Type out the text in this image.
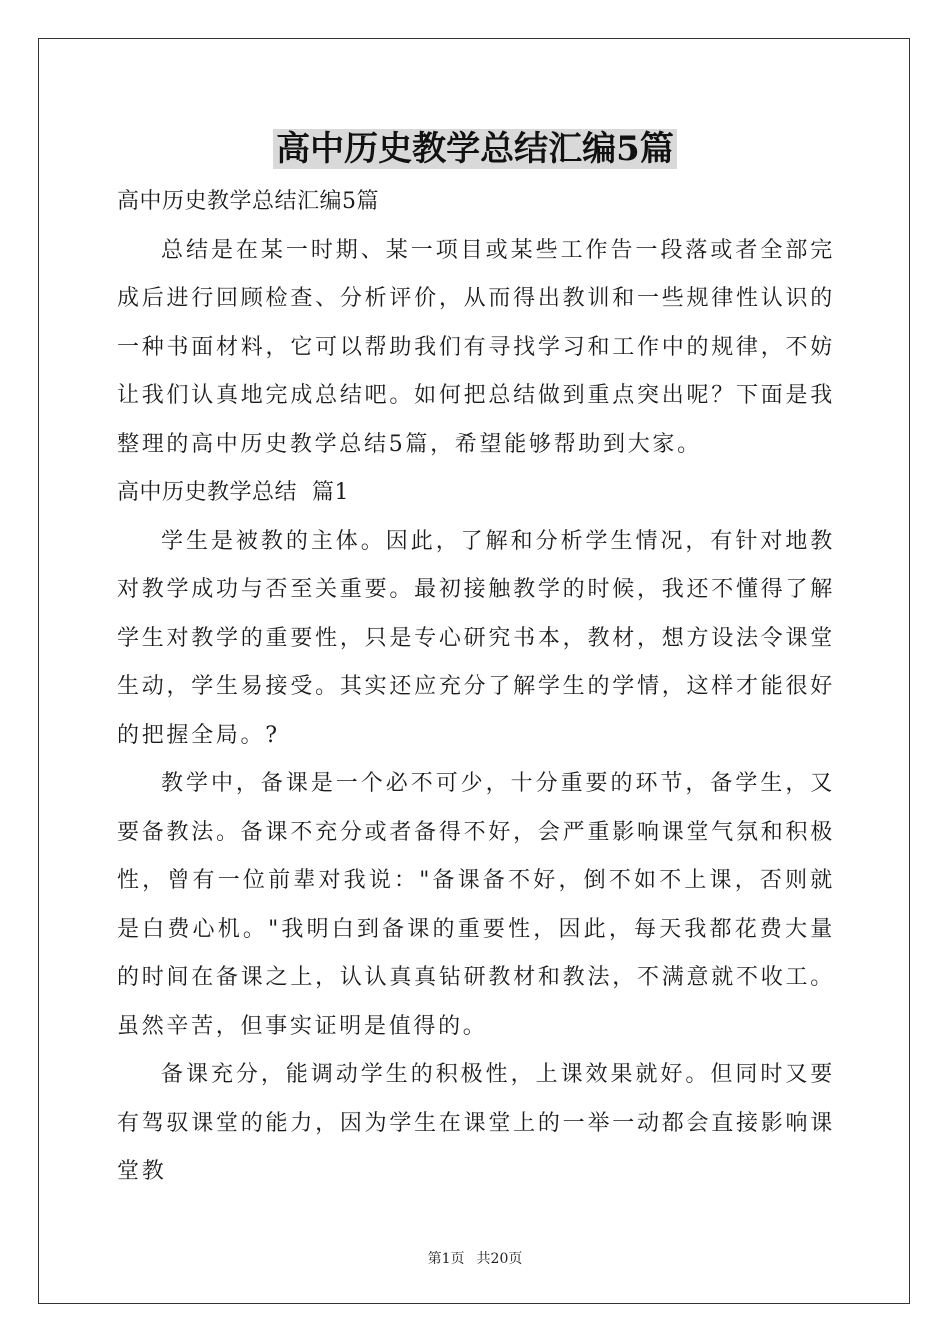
高中历史教学总结汇编5篇

高中历史教学总结汇编5篇

总结是在某一时期、某一项目或某些工作告一段落或者全部完成后进行回顾检查、分析评价，从而得出教训和一些规律性认识的一种书面材料，它可以帮助我们有寻找学习和工作中的规律，不妨让我们认真地完成总结吧。如何把总结做到重点突出呢？下面是我整理的高中历史教学总结5篇，希望能够帮助到大家。

高中历史教学总结  篇1

学生是被教的主体。因此，了解和分析学生情况，有针对地教对教学成功与否至关重要。最初接触教学的时候，我还不懂得了解学生对教学的重要性，只是专心研究书本，教材，想方设法令课堂生动，学生易接受。其实还应充分了解学生的学情，这样才能很好的把握全局。?

教学中，备课是一个必不可少，十分重要的环节，备学生，又要备教法。备课不充分或者备得不好，会严重影响课堂气氛和积极性，曾有一位前辈对我说："备课备不好，倒不如不上课，否则就是白费心机。"我明白到备课的重要性，因此，每天我都花费大量的时间在备课之上，认认真真钻研教材和教法，不满意就不收工。虽然辛苦，但事实证明是值得的。

备课充分，能调动学生的积极性，上课效果就好。但同时又要有驾驭课堂的能力，因为学生在课堂上的一举一动都会直接影响课堂教

第1页 共20页
